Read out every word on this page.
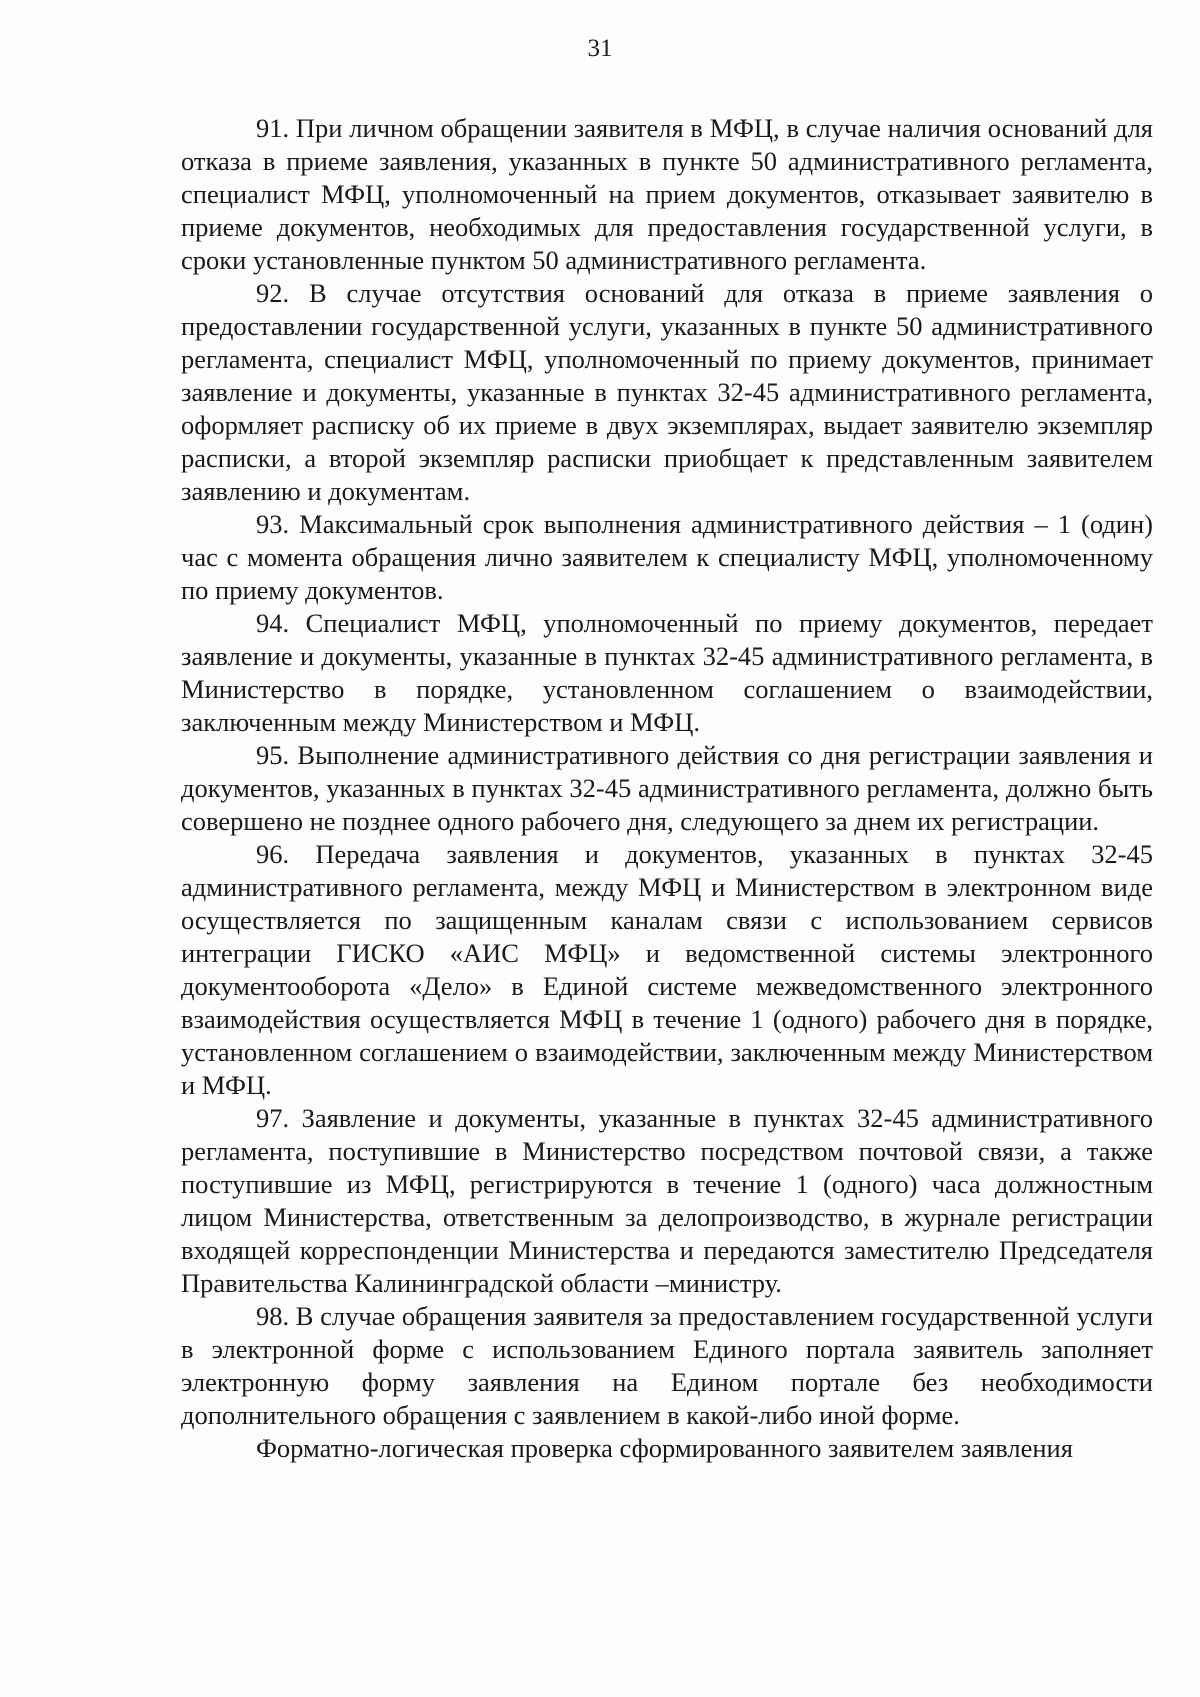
31

91. При личном обращении заявителя в МФЦ, в случае наличия оснований для отказа в приеме заявления, указанных в пункте 50 административного регламента, специалист МФЦ, уполномоченный на прием документов, отказывает заявителю в приеме документов, необходимых для предоставления государственной услуги, в сроки установленные пунктом 50 административного регламента.

92. В случае отсутствия оснований для отказа в приеме заявления о предоставлении государственной услуги, указанных в пункте 50 административного регламента, специалист МФЦ, уполномоченный по приему документов, принимает заявление и документы, указанные в пунктах 32-45 административного регламента, оформляет расписку об их приеме в двух экземплярах, выдает заявителю экземпляр расписки, а второй экземпляр расписки приобщает к представленным заявителем заявлению и документам.

93. Максимальный срок выполнения административного действия – 1 (один) час с момента обращения лично заявителем к специалисту МФЦ, уполномоченному по приему документов.

94. Специалист МФЦ, уполномоченный по приему документов, передает заявление и документы, указанные в пунктах 32-45 административного регламента, в Министерство в порядке, установленном соглашением о взаимодействии, заключенным между Министерством и МФЦ.

95. Выполнение административного действия со дня регистрации заявления и документов, указанных в пунктах 32-45 административного регламента, должно быть совершено не позднее одного рабочего дня, следующего за днем их регистрации.

96. Передача заявления и документов, указанных в пунктах 32-45 административного регламента, между МФЦ и Министерством в электронном виде осуществляется по защищенным каналам связи с использованием сервисов интеграции ГИСКО «АИС МФЦ» и ведомственной системы электронного документооборота «Дело» в Единой системе межведомственного электронного взаимодействия осуществляется МФЦ в течение 1 (одного) рабочего дня в порядке, установленном соглашением о взаимодействии, заключенным между Министерством и МФЦ.

97. Заявление и документы, указанные в пунктах 32-45 административного регламента, поступившие в Министерство посредством почтовой связи, а также поступившие из МФЦ, регистрируются в течение 1 (одного) часа должностным лицом Министерства, ответственным за делопроизводство, в журнале регистрации входящей корреспонденции Министерства и передаются заместителю Председателя Правительства Калининградской области –министру.

98. В случае обращения заявителя за предоставлением государственной услуги в электронной форме с использованием Единого портала заявитель заполняет электронную форму заявления на Едином портале без необходимости дополнительного обращения с заявлением в какой-либо иной форме.

Форматно-логическая проверка сформированного заявителем заявления
